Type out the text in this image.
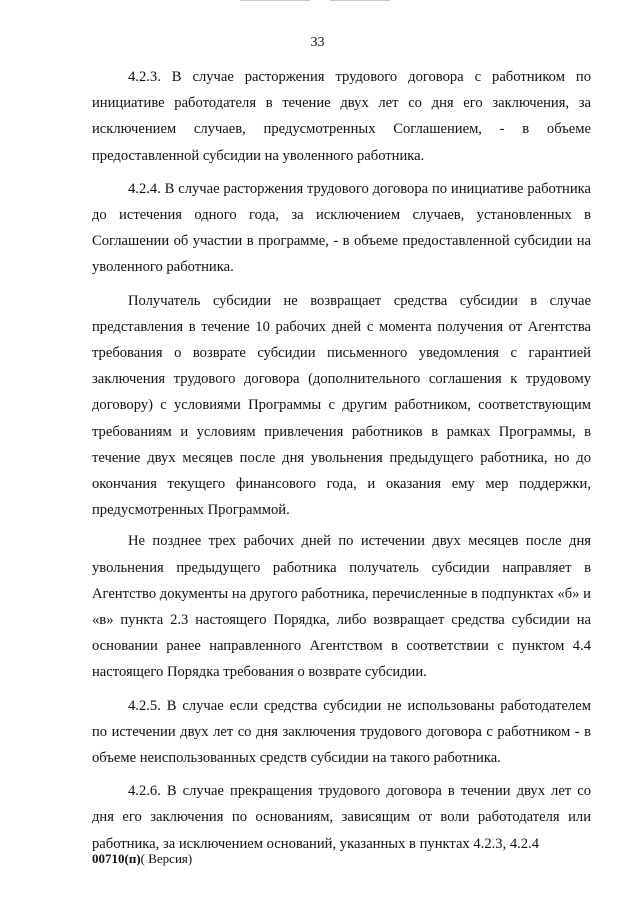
33

4.2.3. В случае расторжения трудового договора с работником по инициативе работодателя в течение двух лет со дня его заключения, за исключением случаев, предусмотренных Соглашением, - в объеме предоставленной субсидии на уволенного работника.

4.2.4. В случае расторжения трудового договора по инициативе работника до истечения одного года, за исключением случаев, установленных в Соглашении об участии в программе, - в объеме предоставленной субсидии на уволенного работника.

Получатель субсидии не возвращает средства субсидии в случае представления в течение 10 рабочих дней с момента получения от Агентства требования о возврате субсидии письменного уведомления с гарантией заключения трудового договора (дополнительного соглашения к трудовому договору) с условиями Программы с другим работником, соответствующим требованиям и условиям привлечения работников в рамках Программы, в течение двух месяцев после дня увольнения предыдущего работника, но до окончания текущего финансового года, и оказания ему мер поддержки, предусмотренных Программой.

Не позднее трех рабочих дней по истечении двух месяцев после дня увольнения предыдущего работника получатель субсидии направляет в Агентство документы на другого работника, перечисленные в подпунктах «б» и «в» пункта 2.3 настоящего Порядка, либо возвращает средства субсидии на основании ранее направленного Агентством в соответствии с пунктом 4.4 настоящего Порядка требования о возврате субсидии.

4.2.5. В случае если средства субсидии не использованы работодателем по истечении двух лет со дня заключения трудового договора с работником - в объеме неиспользованных средств субсидии на такого работника.

4.2.6. В случае прекращения трудового договора в течении двух лет со дня его заключения по основаниям, зависящим от воли работодателя или работника, за исключением оснований, указанных в пунктах 4.2.3, 4.2.4

00710(п)( Версия)
